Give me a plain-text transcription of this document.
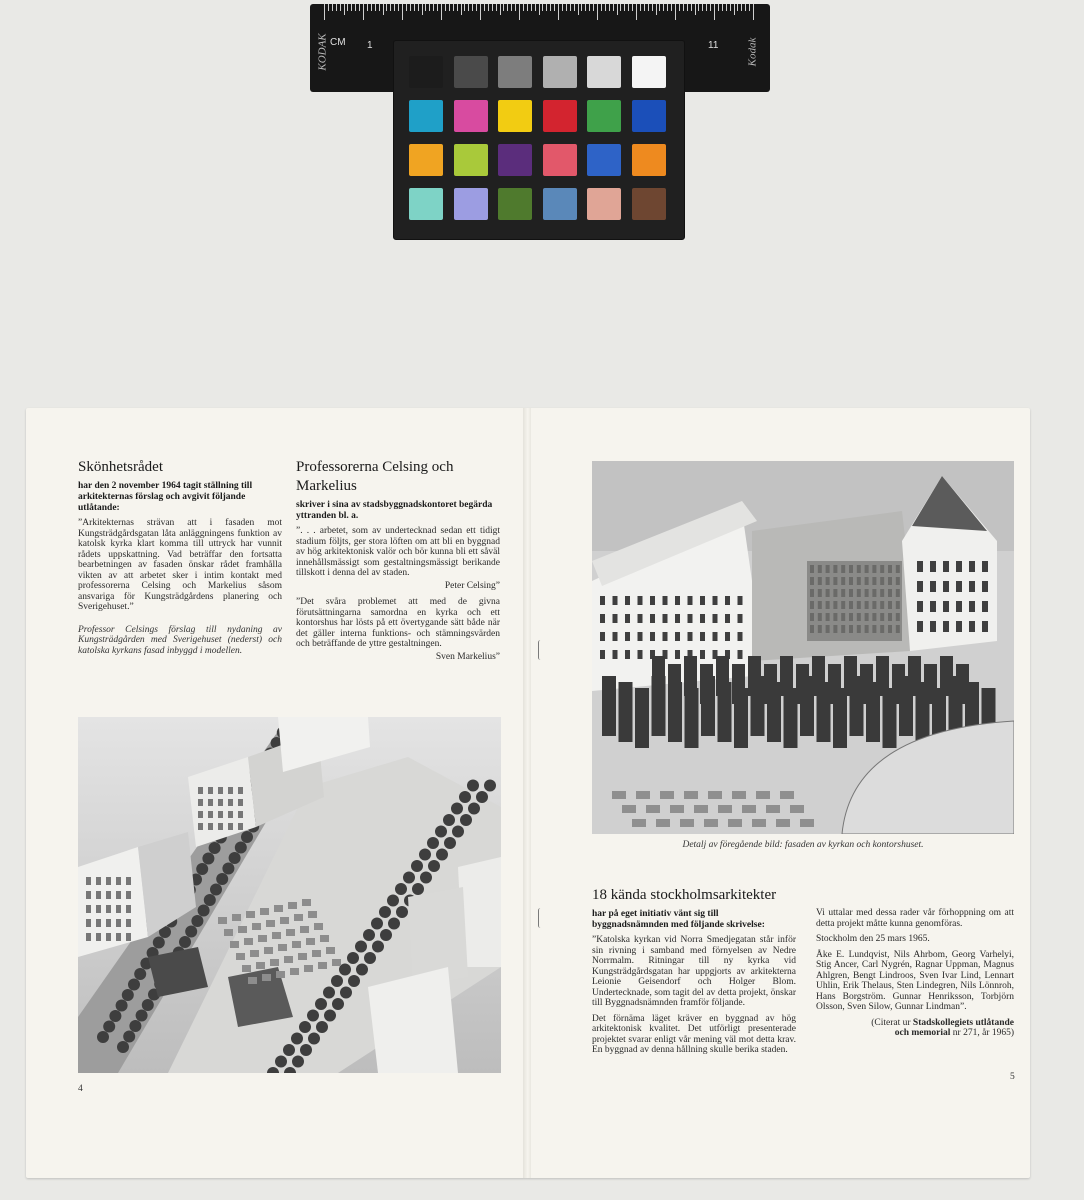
CM 1	11
KODAK	Kodak
Skönhetsrådet
har den 2 november 1964 tagit ställning till arkitekternas förslag och avgivit följande utlåtande:

”Arkitekternas strävan att i fasaden mot Kungsträdgårdsgatan låta anläggningens funktion av katolsk kyrka klart komma till uttryck har vunnit rådets uppskattning. Vad beträffar den fortsatta bearbetningen av fasaden önskar rådet framhålla vikten av att arbetet sker i intim kontakt med professorerna Celsing och Markelius såsom ansvariga för Kungsträdgårdens planering och Sverigehuset.”

Professor Celsings förslag till nydaning av Kungsträdgården med Sverigehuset (nederst) och katolska kyrkans fasad inbyggd i modellen.
Professorerna Celsing och Markelius
skriver i sina av stadsbyggnadskontoret begärda yttranden bl. a.

”. . . arbetet, som av undertecknad sedan ett tidigt stadium följts, ger stora löften om att bli en byggnad av hög arkitektonisk valör och bör kunna bli ett såväl innehållsmässigt som gestaltningsmässigt berikande tillskott i denna del av staden.

Peter Celsing”

”Det svåra problemet att med de givna förutsättningarna samordna en kyrka och ett kontorshus har lösts på ett övertygande sätt både när det gäller interna funktions- och stämningsvärden och beträffande de yttre gestaltningen.

Sven Markelius”
4
Detalj av föregående bild: fasaden av kyrkan och kontorshuset.
18 kända stockholmsarkitekter
har på eget initiativ vänt sig till byggnadsnämnden med följande skrivelse:

”Katolska kyrkan vid Norra Smedjegatan står inför sin rivning i samband med förnyelsen av Nedre Norrmalm. Ritningar till ny kyrka vid Kungsträdgårdsgatan har uppgjorts av arkitekterna Leionie Geisendorf och Holger Blom. Undertecknade, som tagit del av detta projekt, önskar till Byggnadsnämnden framför följande.

Det förnäma läget kräver en byggnad av hög arkitektonisk kvalitet. Det utförligt presenterade projektet svarar enligt vår mening väl mot detta krav. En byggnad av denna hållning skulle berika staden.

Vi uttalar med dessa rader vår förhoppning om att detta projekt måtte kunna genomföras.

Stockholm den 25 mars 1965.

Åke E. Lundqvist, Nils Ahrbom, Georg Varhelyi, Stig Ancer, Carl Nygrén, Ragnar Uppman, Magnus Ahlgren, Bengt Lindroos, Sven Ivar Lind, Lennart Uhlin, Erik Thelaus, Sten Lindegren, Nils Lönnroh, Hans Borgström. Gunnar Henriksson, Torbjörn Olsson, Sven Silow, Gunnar Lindman”.

(Citerat ur Stadskollegiets utlåtande
och memorial nr 271, år 1965)

5
